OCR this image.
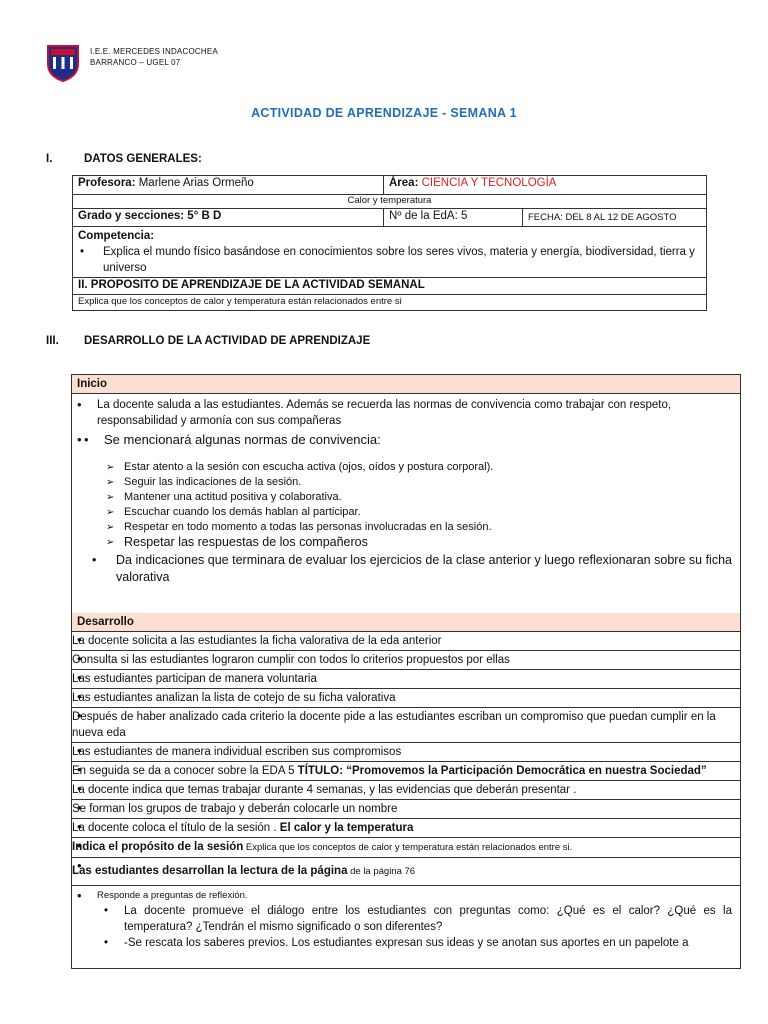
I.E.E. MERCEDES INDACOCHEA
BARRANCO – UGEL 07
ACTIVIDAD DE APRENDIZAJE - SEMANA 1
I.	DATOS GENERALES:
Profesora: Marlene Arias Ormeño	Área: CIENCIA Y TECNOLOGÍA	
Calor y temperatura		
Grado y secciones: 5° B D	Nº de la EdA: 5	FECHA: DEL 8 AL 12 DE AGOSTO
Competencia:
• Explica el mundo físico basándose en conocimientos sobre los seres vivos, materia y energía, biodiversidad, tierra y universo		

II. PROPOSITO DE APRENDIZAJE DE LA ACTIVIDAD SEMANAL		
Explica que los conceptos de calor y temperatura están relacionados entre si		
III. DESARROLLO DE LA ACTIVIDAD DE APRENDIZAJE
Inicio
• La docente saluda a las estudiantes. Además se recuerda las normas de convivencia como trabajar con respeto, responsabilidad y armonía con sus compañeras
• • Se mencionará algunas normas de convivencia:
➢ Estar atento a la sesión con escucha activa (ojos, oídos y postura corporal).
➢ Seguir las indicaciones de la sesión.
➢ Mantener una actitud positiva y colaborativa.
➢ Escuchar cuando los demás hablan al participar.
➢ Respetar en todo momento a todas las personas involucradas en la sesión.
➢ Respetar las respuestas de los compañeros
• Da indicaciones que terminara de evaluar los ejercicios de la clase anterior y luego reflexionaran sobre su ficha valorativa
Desarrollo
• La docente solicita a las estudiantes la ficha valorativa de la eda anterior
• Consulta si las estudiantes lograron cumplir con todos lo criterios propuestos por ellas
• Las estudiantes participan de manera voluntaria
• Las estudiantes analizan la lista de cotejo de su ficha valorativa
• Después de haber analizado cada criterio la docente pide a las estudiantes escriban un compromiso que puedan cumplir en la nueva eda
• Las estudiantes de manera individual escriben sus compromisos
• En seguida se da a conocer sobre la EDA 5 TÍTULO: “Promovemos la Participación Democrática en nuestra Sociedad”
• La docente indica que temas trabajar durante 4 semanas, y las evidencias que deberán presentar .
• Se forman los grupos de trabajo y deberán colocarle un nombre
• La docente coloca el título de la sesión . El calor y la temperatura
• Indica el propósito de la sesión Explica que los conceptos de calor y temperatura están relacionados entre si.
• Las estudiantes desarrollan la lectura de la página de la página 76
• Responde a preguntas de reflexión.
• La docente promueve el diálogo entre los estudiantes con preguntas como: ¿Qué es el calor? ¿Qué es la temperatura? ¿Tendrán el mismo significado o son diferentes?
• -Se rescata los saberes previos. Los estudiantes expresan sus ideas y se anotan sus aportes en un papelote a
